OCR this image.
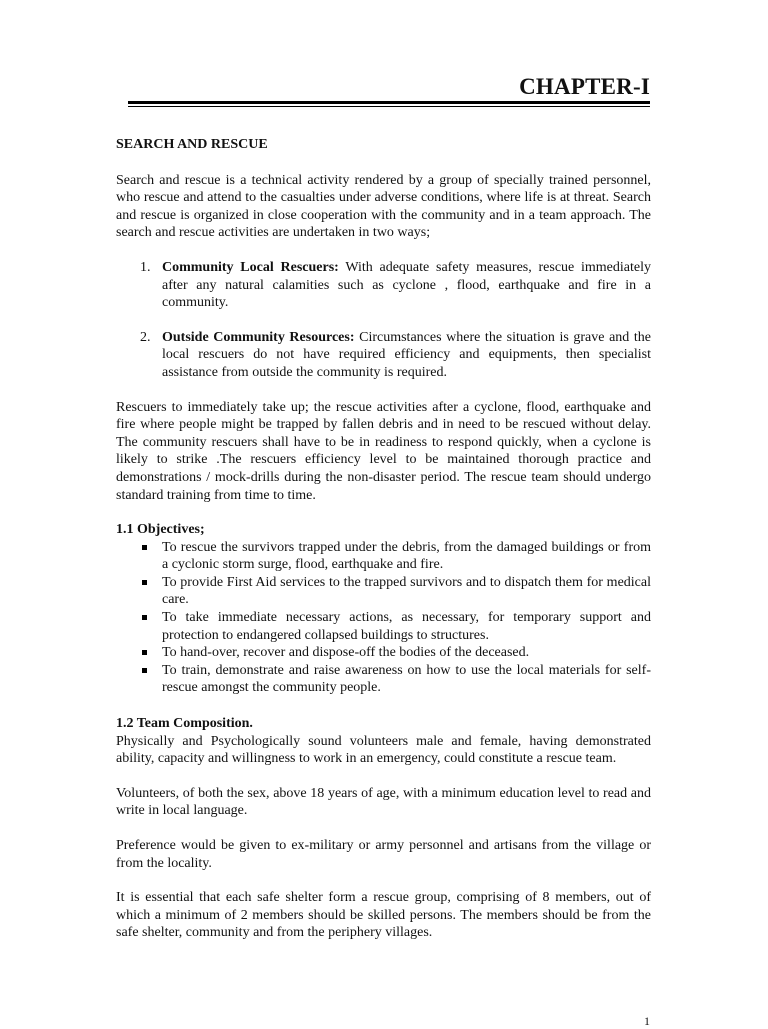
CHAPTER-I

SEARCH AND RESCUE

Search and rescue is a technical activity rendered by a group of specially trained personnel, who rescue and attend to the casualties under adverse conditions, where life is at threat. Search and rescue is organized in close cooperation with the community and in a team approach. The search and rescue activities are undertaken in two ways;

1. Community Local Rescuers: With adequate safety measures, rescue immediately after any natural calamities such as cyclone , flood, earthquake and fire in a community.
2. Outside Community Resources: Circumstances where the situation is grave and the local rescuers do not have required efficiency and equipments, then specialist assistance from outside the community is required.

Rescuers to immediately take up; the rescue activities after a cyclone, flood, earthquake and fire where people might be trapped by fallen debris and in need to be rescued without delay. The community rescuers shall have to be in readiness to respond quickly, when a cyclone is likely to strike .The rescuers efficiency level to be maintained thorough practice and demonstrations / mock-drills during the non-disaster period. The rescue team should undergo standard training from time to time.

1.1 Objectives;

To rescue the survivors trapped under the debris, from the damaged buildings or from a cyclonic storm surge, flood, earthquake and fire.
To provide First Aid services to the trapped survivors and to dispatch them for medical care.
To take immediate necessary actions, as necessary, for temporary support and protection to endangered collapsed buildings to structures.
To hand-over, recover and dispose-off the bodies of the deceased.
To train, demonstrate and raise awareness on how to use the local materials for self-rescue amongst the community people.

1.2 Team Composition.

Physically and Psychologically sound volunteers male and female, having demonstrated ability, capacity and willingness to work in an emergency, could constitute a rescue team.

Volunteers, of both the sex, above 18 years of age, with a minimum education level to read and write in local language.

Preference would be given to ex-military or army personnel and artisans from the village or from the locality.

It is essential that each safe shelter form a rescue group, comprising of 8 members, out of which a minimum of 2 members should be skilled persons. The members should be from the safe shelter, community and from the periphery villages.

1
